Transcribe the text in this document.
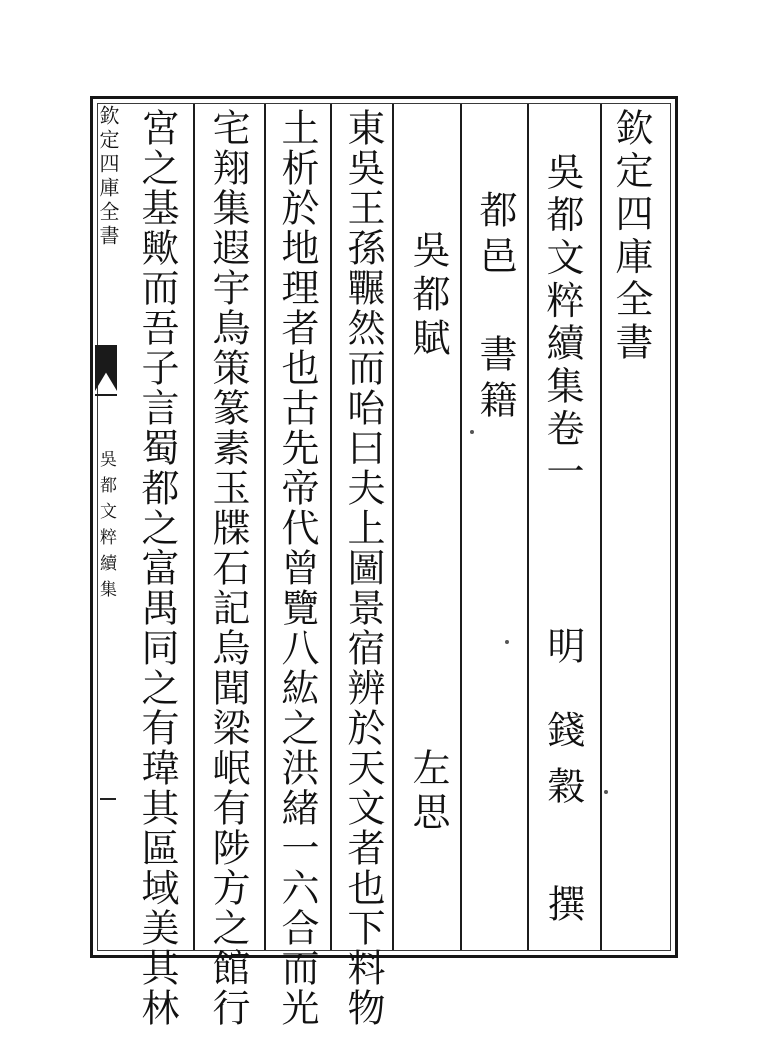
欽定四庫全書
吳都文粹續集
欽定四庫全書
吳都文粹續集卷一
明
錢穀 撰
都邑 書籍
吳都賦
左思
東吳王孫囅然而咍曰夫上圖景宿辨於天文者也下料物
土析於地理者也古先帝代曾覽八紘之洪緒一六合而光
宅翔集遐宇鳥策篆素玉牒石記烏聞梁岷有陟方之館行
宮之基歟而吾子言蜀都之富禺同之有瑋其區域美其林
